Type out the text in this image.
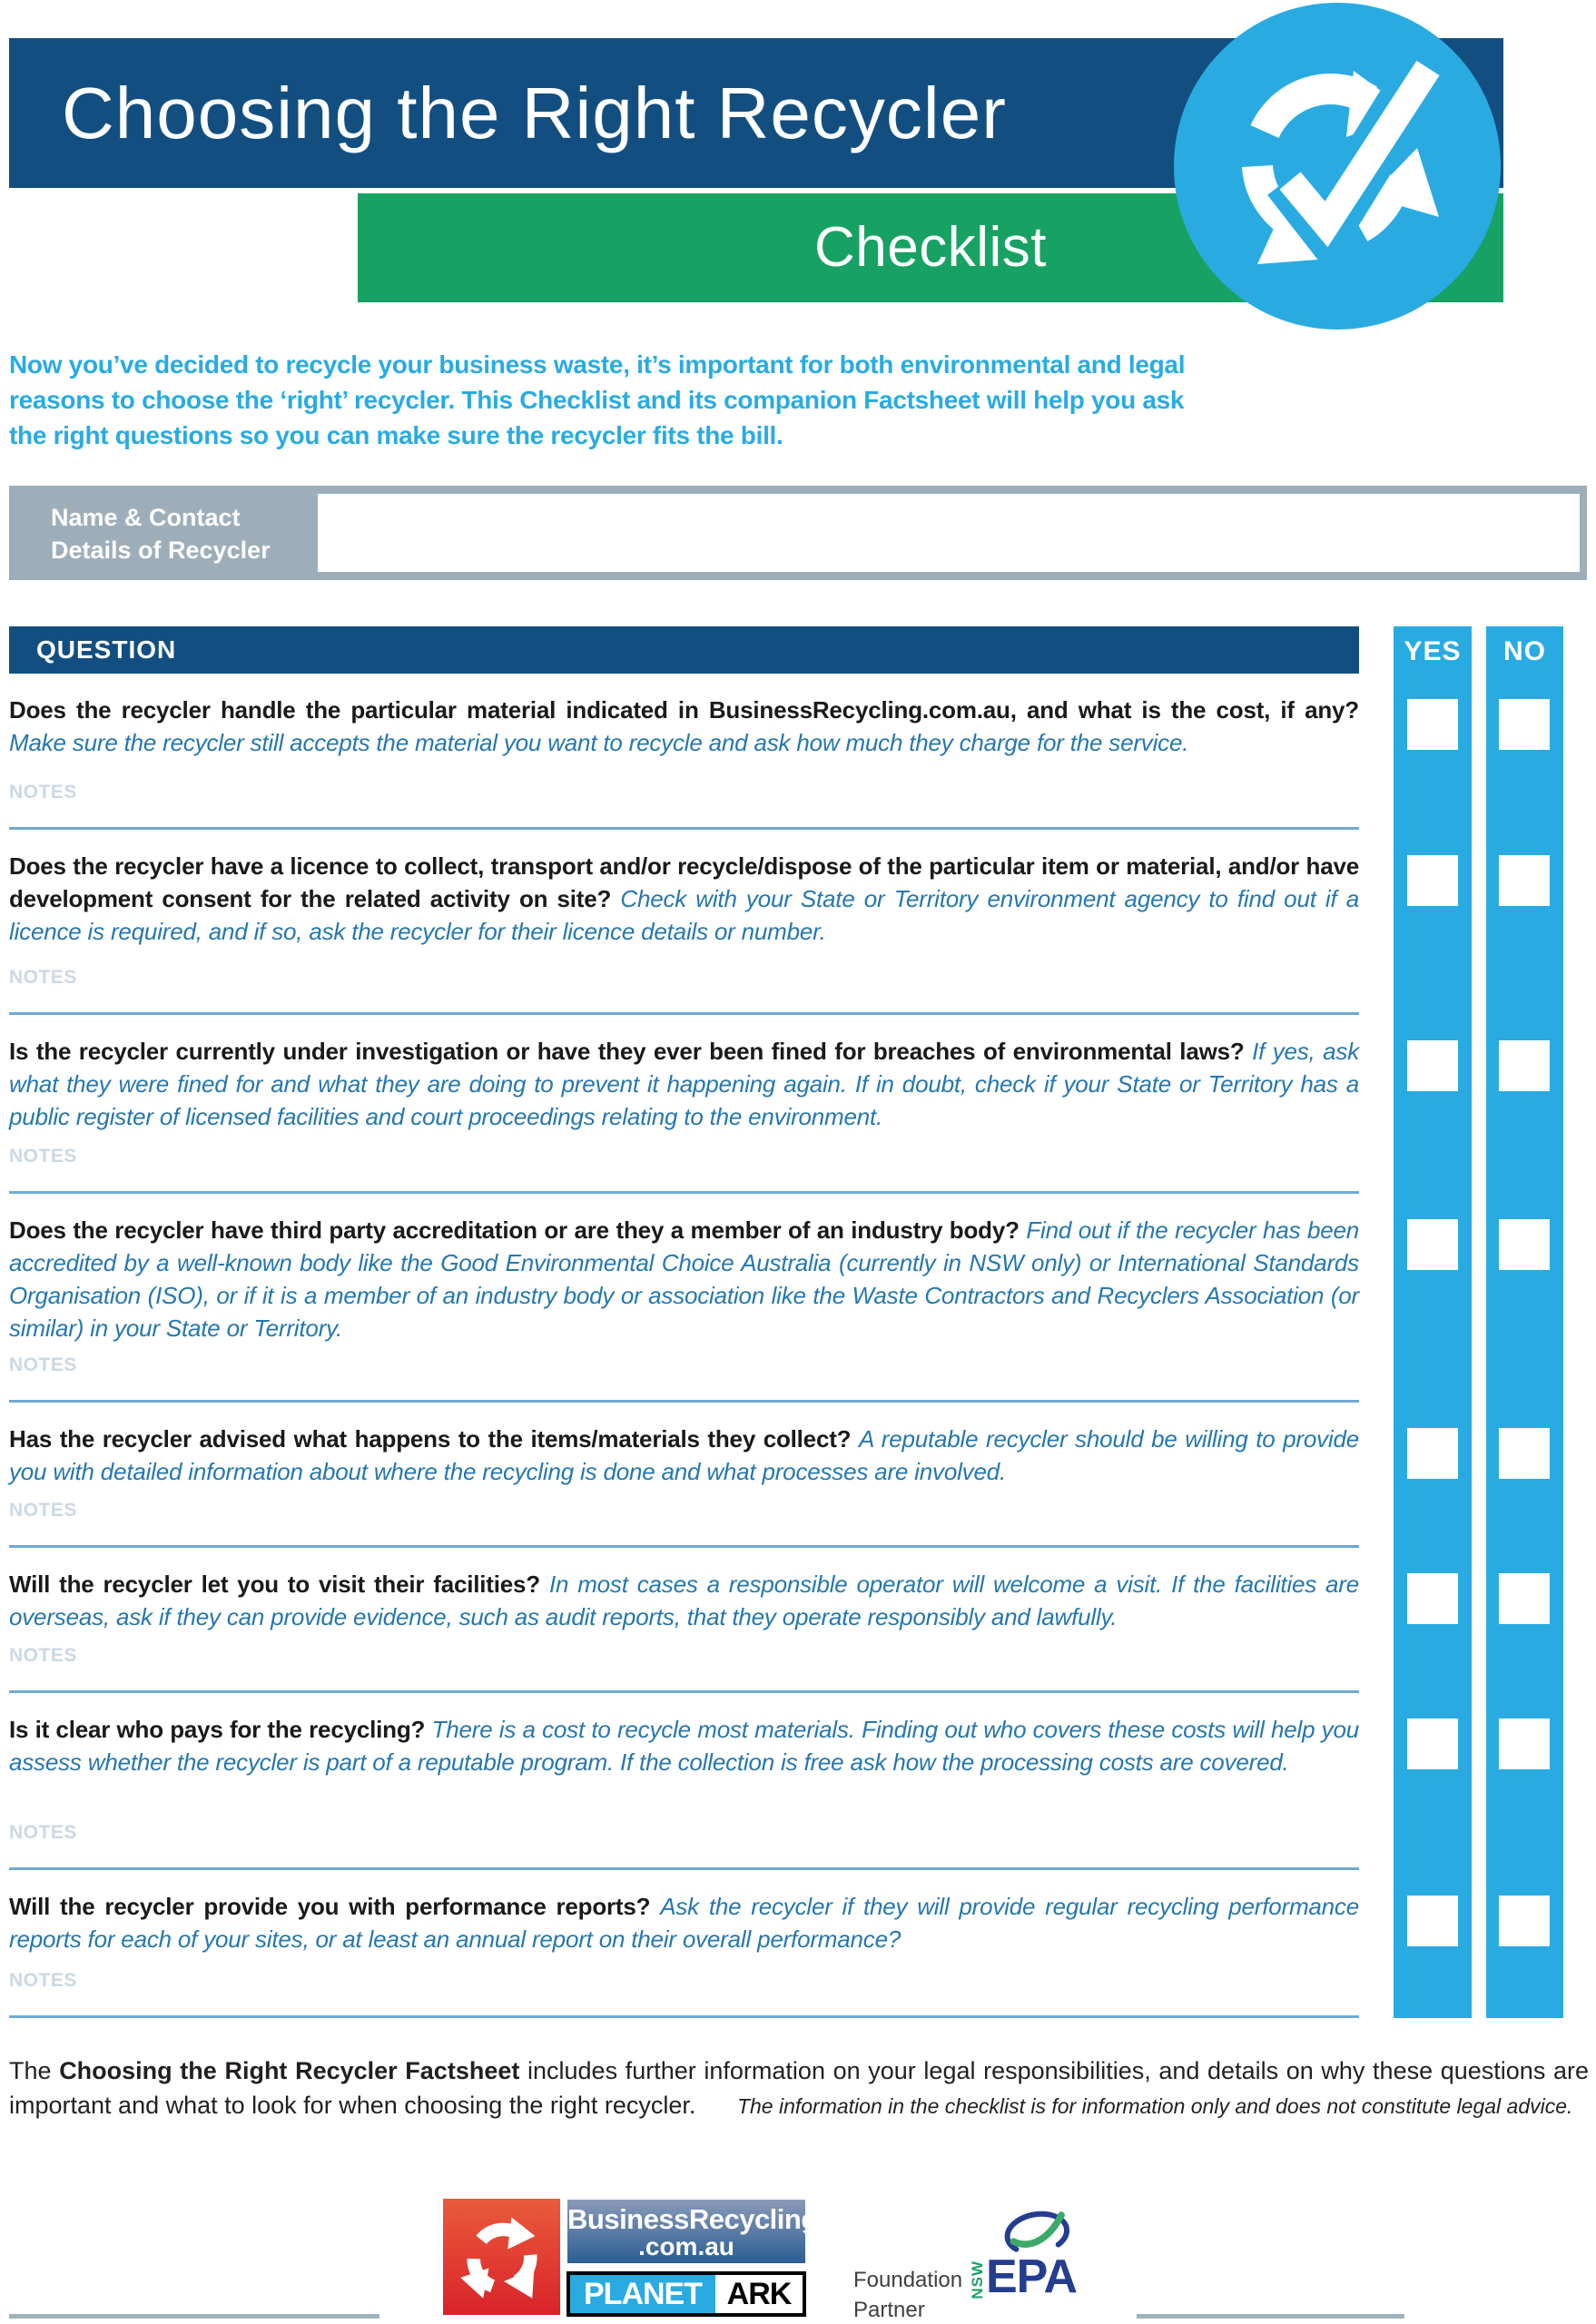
Choosing the Right Recycler
Checklist

Now you’ve decided to recycle your business waste, it’s important for both environmental and legal reasons to choose the ‘right’ recycler. This Checklist and its companion Factsheet will help you ask the right questions so you can make sure the recycler fits the bill.

Name & Contact Details of Recycler
YES	NO
QUESTION

Does the recycler handle the particular material indicated in BusinessRecycling.com.au, and what is the cost, if any? Make sure the recycler still accepts the material you want to recycle and ask how much they charge for the service.

NOTES

Does the recycler have a licence to collect, transport and/or recycle/dispose of the particular item or material, and/or have development consent for the related activity on site? Check with your State or Territory environment agency to find out if a licence is required, and if so, ask the recycler for their licence details or number.

NOTES

Is the recycler currently under investigation or have they ever been fined for breaches of environmental laws? If yes, ask what they were fined for and what they are doing to prevent it happening again. If in doubt, check if your State or Territory has a public register of licensed facilities and court proceedings relating to the environment.

NOTES

Does the recycler have third party accreditation or are they a member of an industry body? Find out if the recycler has been accredited by a well-known body like the Good Environmental Choice Australia (currently in NSW only) or International Standards Organisation (ISO), or if it is a member of an industry body or association like the Waste Contractors and Recyclers Association (or similar) in your State or Territory.

NOTES

Has the recycler advised what happens to the items/materials they collect? A reputable recycler should be willing to provide you with detailed information about where the recycling is done and what processes are involved.

NOTES

Will the recycler let you to visit their facilities? In most cases a responsible operator will welcome a visit. If the facilities are overseas, ask if they can provide evidence, such as audit reports, that they operate responsibly and lawfully.

NOTES

Is it clear who pays for the recycling? There is a cost to recycle most materials. Finding out who covers these costs will help you assess whether the recycler is part of a reputable program. If the collection is free ask how the processing costs are covered.

NOTES

Will the recycler provide you with performance reports? Ask the recycler if they will provide regular recycling performance reports for each of your sites, or at least an annual report on their overall performance?

NOTES

The Choosing the Right Recycler Factsheet includes further information on your legal responsibilities, and details on why these questions are important and what to look for when choosing the right recycler. The information in the checklist is for information only and does not constitute legal advice.

BusinessRecycling
.com.au
PLANET ARK	Foundation
Partner
NSW EPA
